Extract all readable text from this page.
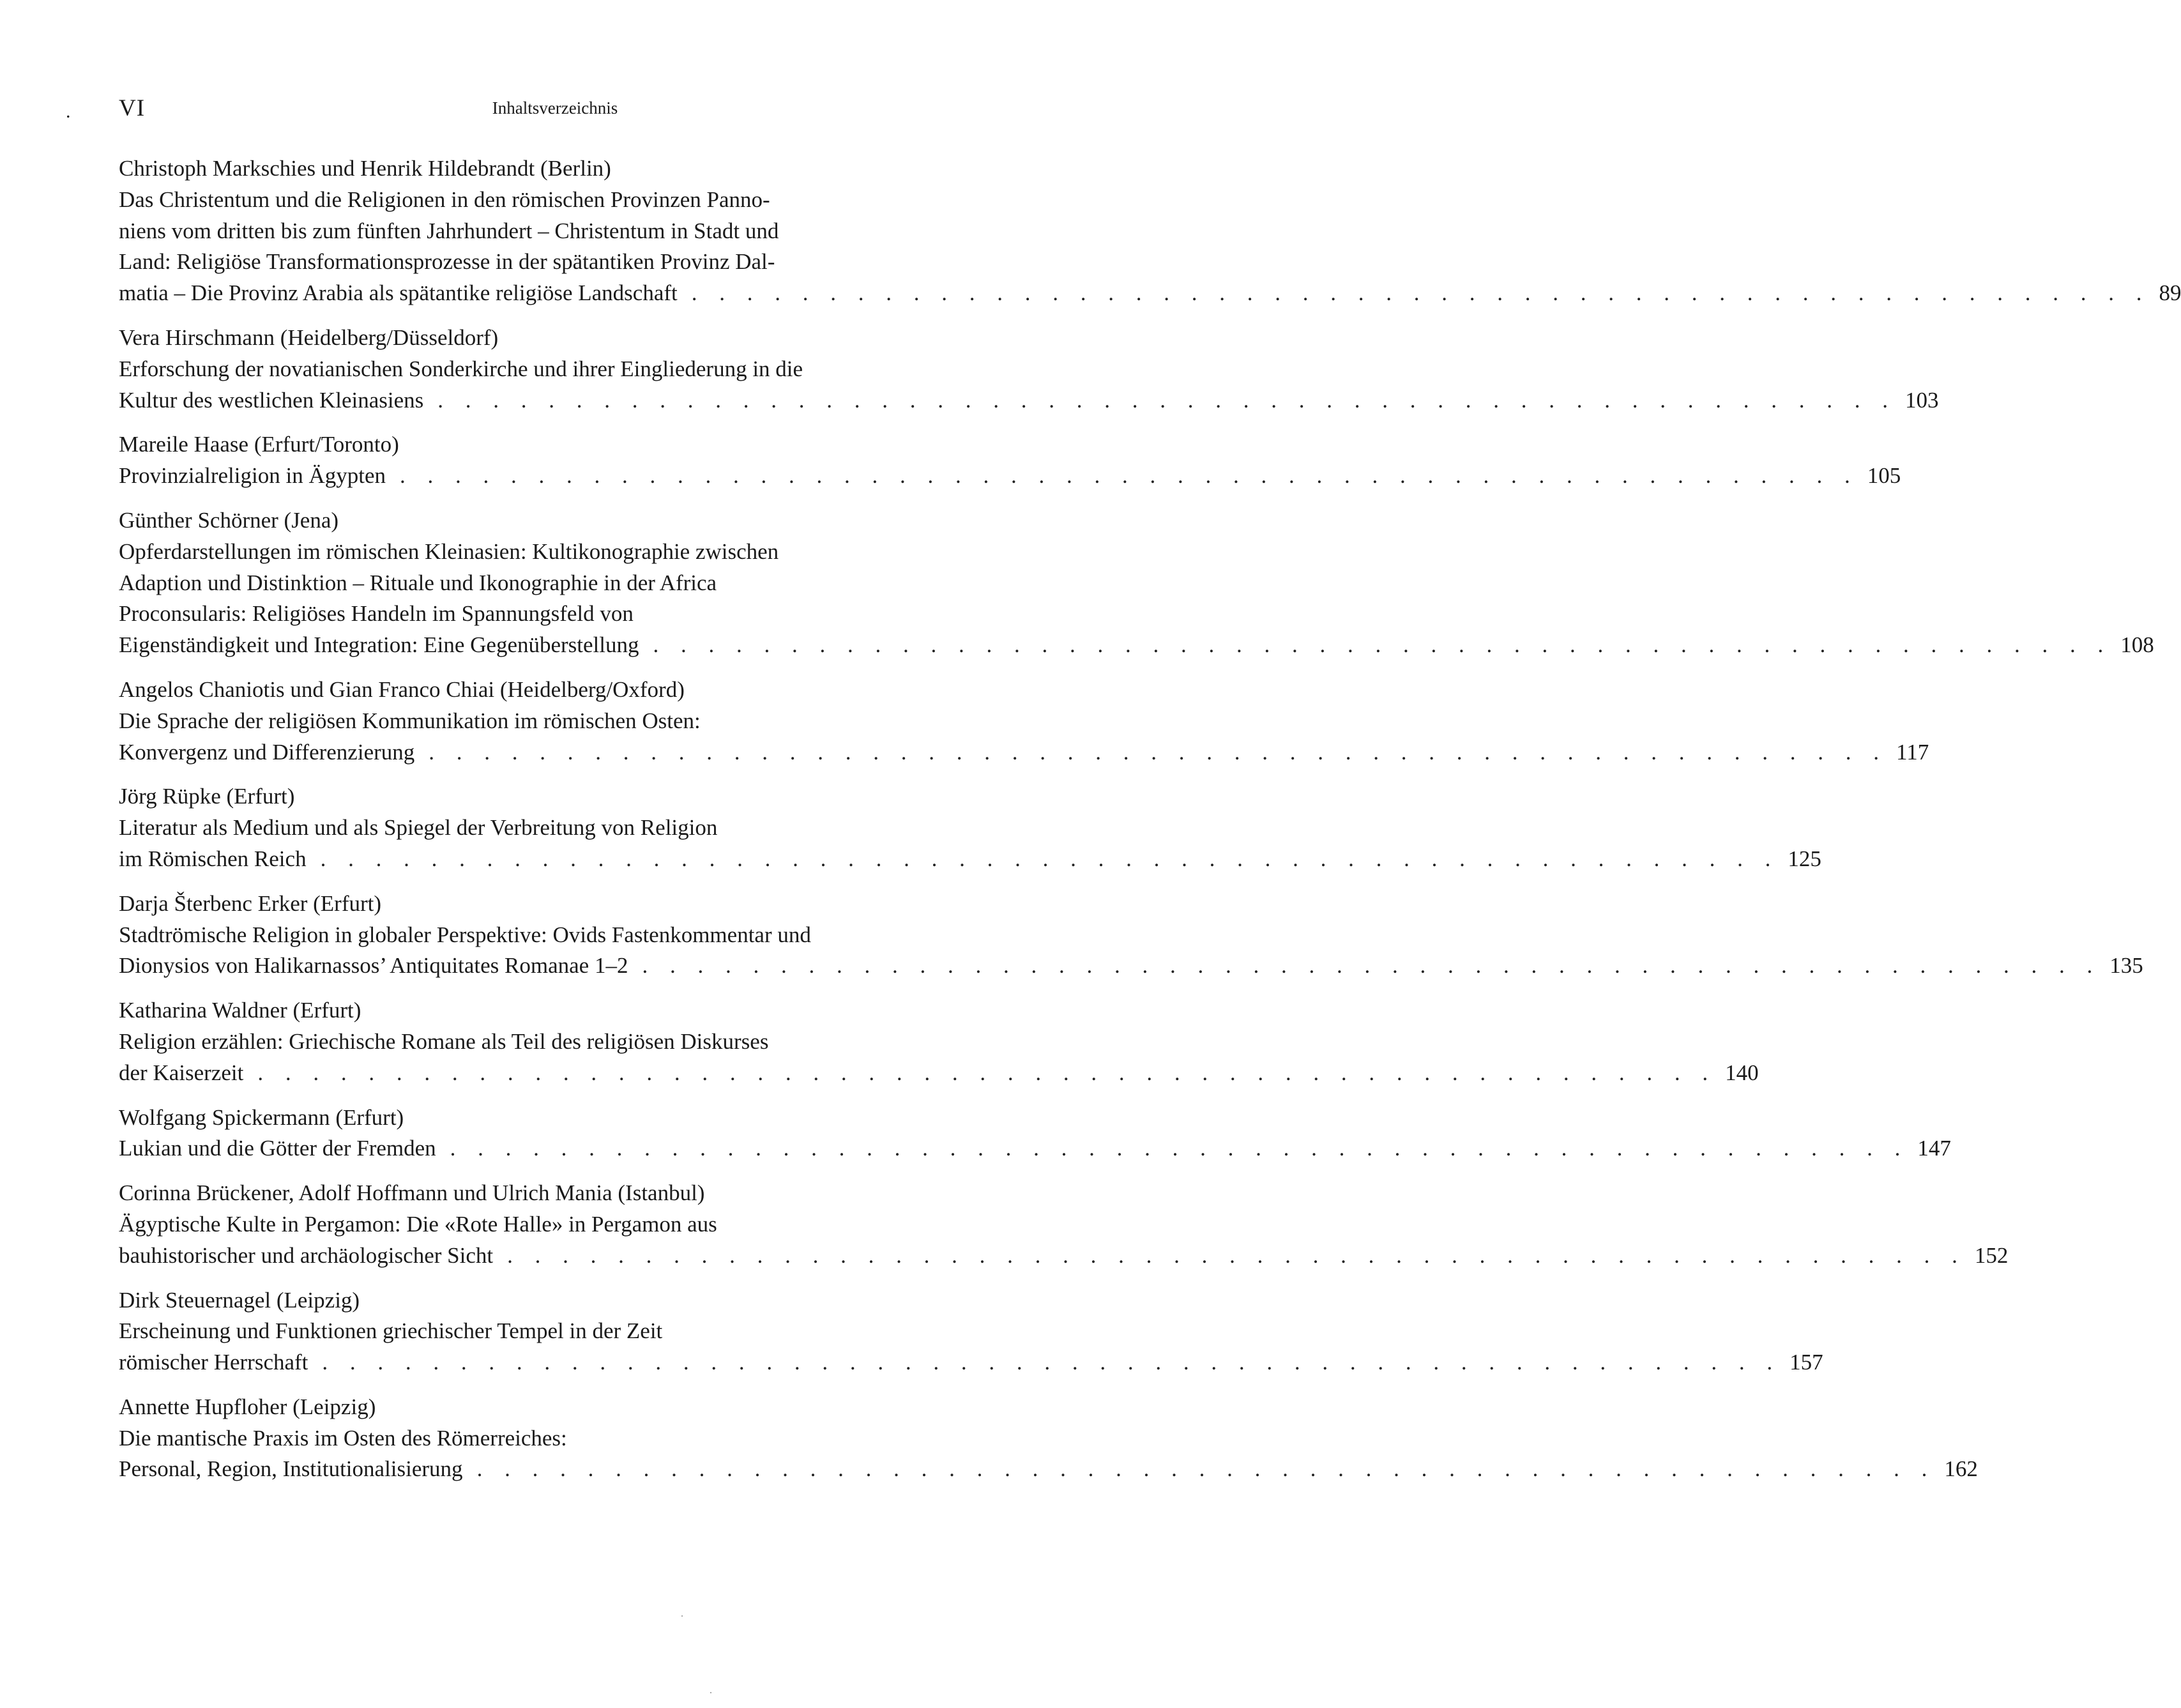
. VI	Inhaltsverzeichnis
Christoph Markschies und Henrik Hildebrandt (Berlin)
Das Christentum und die Religionen in den römischen Provinzen Panno-
niens vom dritten bis zum fünften Jahrhundert – Christentum in Stadt und
Land: Religiöse Transformationsprozesse in der spätantiken Provinz Dal-
matia – Die Provinz Arabia als spätantike religiöse Landschaft . . . . . . . . . . . . . . . . . . . . . . . . . . . . . . . . . . . . . . . . . . . . . . . . . . . . . 89
Vera Hirschmann (Heidelberg/Düsseldorf)
Erforschung der novatianischen Sonderkirche und ihrer Eingliederung in die
Kultur des westlichen Kleinasiens . . . . . . . . . . . . . . . . . . . . . . . . . . . . . . . . . . . . . . . . . . . . . . . . . . . . . 103
Mareile Haase (Erfurt/Toronto)
Provinzialreligion in Ägypten . . . . . . . . . . . . . . . . . . . . . . . . . . . . . . . . . . . . . . . . . . . . . . . . . . . . . 105
Günther Schörner (Jena)
Opferdarstellungen im römischen Kleinasien: Kultikonographie zwischen
Adaption und Distinktion – Rituale und Ikonographie in der Africa
Proconsularis: Religiöses Handeln im Spannungsfeld von
Eigenständigkeit und Integration: Eine Gegenüberstellung . . . . . . . . . . . . . . . . . . . . . . . . . . . . . . . . . . . . . . . . . . . . . . . . . . . . . 108
Angelos Chaniotis und Gian Franco Chiai (Heidelberg/Oxford)
Die Sprache der religiösen Kommunikation im römischen Osten:
Konvergenz und Differenzierung . . . . . . . . . . . . . . . . . . . . . . . . . . . . . . . . . . . . . . . . . . . . . . . . . . . . . 117
Jörg Rüpke (Erfurt)
Literatur als Medium und als Spiegel der Verbreitung von Religion
im Römischen Reich . . . . . . . . . . . . . . . . . . . . . . . . . . . . . . . . . . . . . . . . . . . . . . . . . . . . . 125
Darja Šterbenc Erker (Erfurt)
Stadtrömische Religion in globaler Perspektive: Ovids Fastenkommentar und
Dionysios von Halikarnassos’ Antiquitates Romanae 1–2 . . . . . . . . . . . . . . . . . . . . . . . . . . . . . . . . . . . . . . . . . . . . . . . . . . . . . 135
Katharina Waldner (Erfurt)
Religion erzählen: Griechische Romane als Teil des religiösen Diskurses
der Kaiserzeit . . . . . . . . . . . . . . . . . . . . . . . . . . . . . . . . . . . . . . . . . . . . . . . . . . . . . 140
Wolfgang Spickermann (Erfurt)
Lukian und die Götter der Fremden . . . . . . . . . . . . . . . . . . . . . . . . . . . . . . . . . . . . . . . . . . . . . . . . . . . . . 147
Corinna Brückener, Adolf Hoffmann und Ulrich Mania (Istanbul)
Ägyptische Kulte in Pergamon: Die «Rote Halle» in Pergamon aus
bauhistorischer und archäologischer Sicht . . . . . . . . . . . . . . . . . . . . . . . . . . . . . . . . . . . . . . . . . . . . . . . . . . . . . 152
Dirk Steuernagel (Leipzig)
Erscheinung und Funktionen griechischer Tempel in der Zeit
römischer Herrschaft . . . . . . . . . . . . . . . . . . . . . . . . . . . . . . . . . . . . . . . . . . . . . . . . . . . . . 157
Annette Hupfloher (Leipzig)
Die mantische Praxis im Osten des Römerreiches:
Personal, Region, Institutionalisierung . . . . . . . . . . . . . . . . . . . . . . . . . . . . . . . . . . . . . . . . . . . . . . . . . . . . . 162
·
·
